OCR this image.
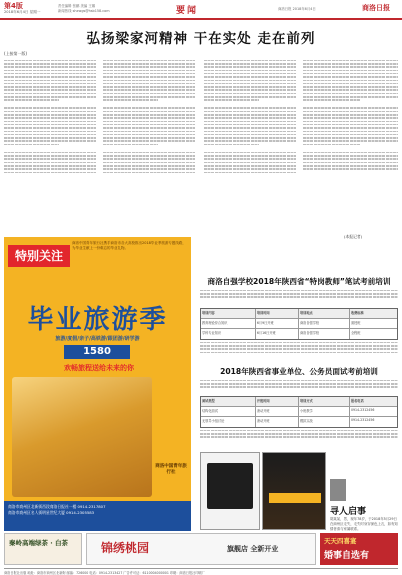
第4版
2018年6月4日 星期一
责任编辑 张鹏 美编 王娜
新闻热线 shxwgs@hsb158.com	要闻	商洛日报 2018年6月4日	商洛日报
弘扬梁家河精神 干在实处 走在前列
(上接第一版)
(本报记者)
特别关注
商洛中国青年旅行社携手商洛市各大高校推出2018毕业季旅游专题线路，为毕业生献上一份难忘的毕业礼物。
毕业旅游季
旅游/度假/亲子/高铁游/跟团游/研学游
1580
欢畅旅程送给未来的你
商洛中国青年旅行社
商洛市商州区北新街西段商洛日报社一楼 0914-2317807
商洛市商州区名人街明星世纪大厦 0914-2305583
商洛自强学校2018年陕西省“特岗教师”笔试考前培训
培训内容	培训时间	培训地点	收费标准
教育理论综合知识	6月9日开班	商洛自强学校	面授班
学科专业知识	6月16日开班	商洛自强学校	全程班
2018年陕西省事业单位、公务员面试考前培训
面试类型	开班时间	培训方式	报名电话
结构化面试	滚动开班	小班教学	0914-2312456
无领导小组讨论	滚动开班	模拟实战	0914-2312456
寻人启事
胡某某，男，现年78岁，于2018年5月29日在商州区走失，走失时身穿深色上衣，如有知情者请与家属联系。
秦岭高端绿茶 · 白茶	锦绣桃园	旗舰店 全新开业
天天四喜宴
婚事自选有
商洛日报社出版 地址：商洛市商州区北新街 邮编：726000 电话：0914-2313427 广告许可证：6110004000001 印刷：商洛日报社印刷厂
